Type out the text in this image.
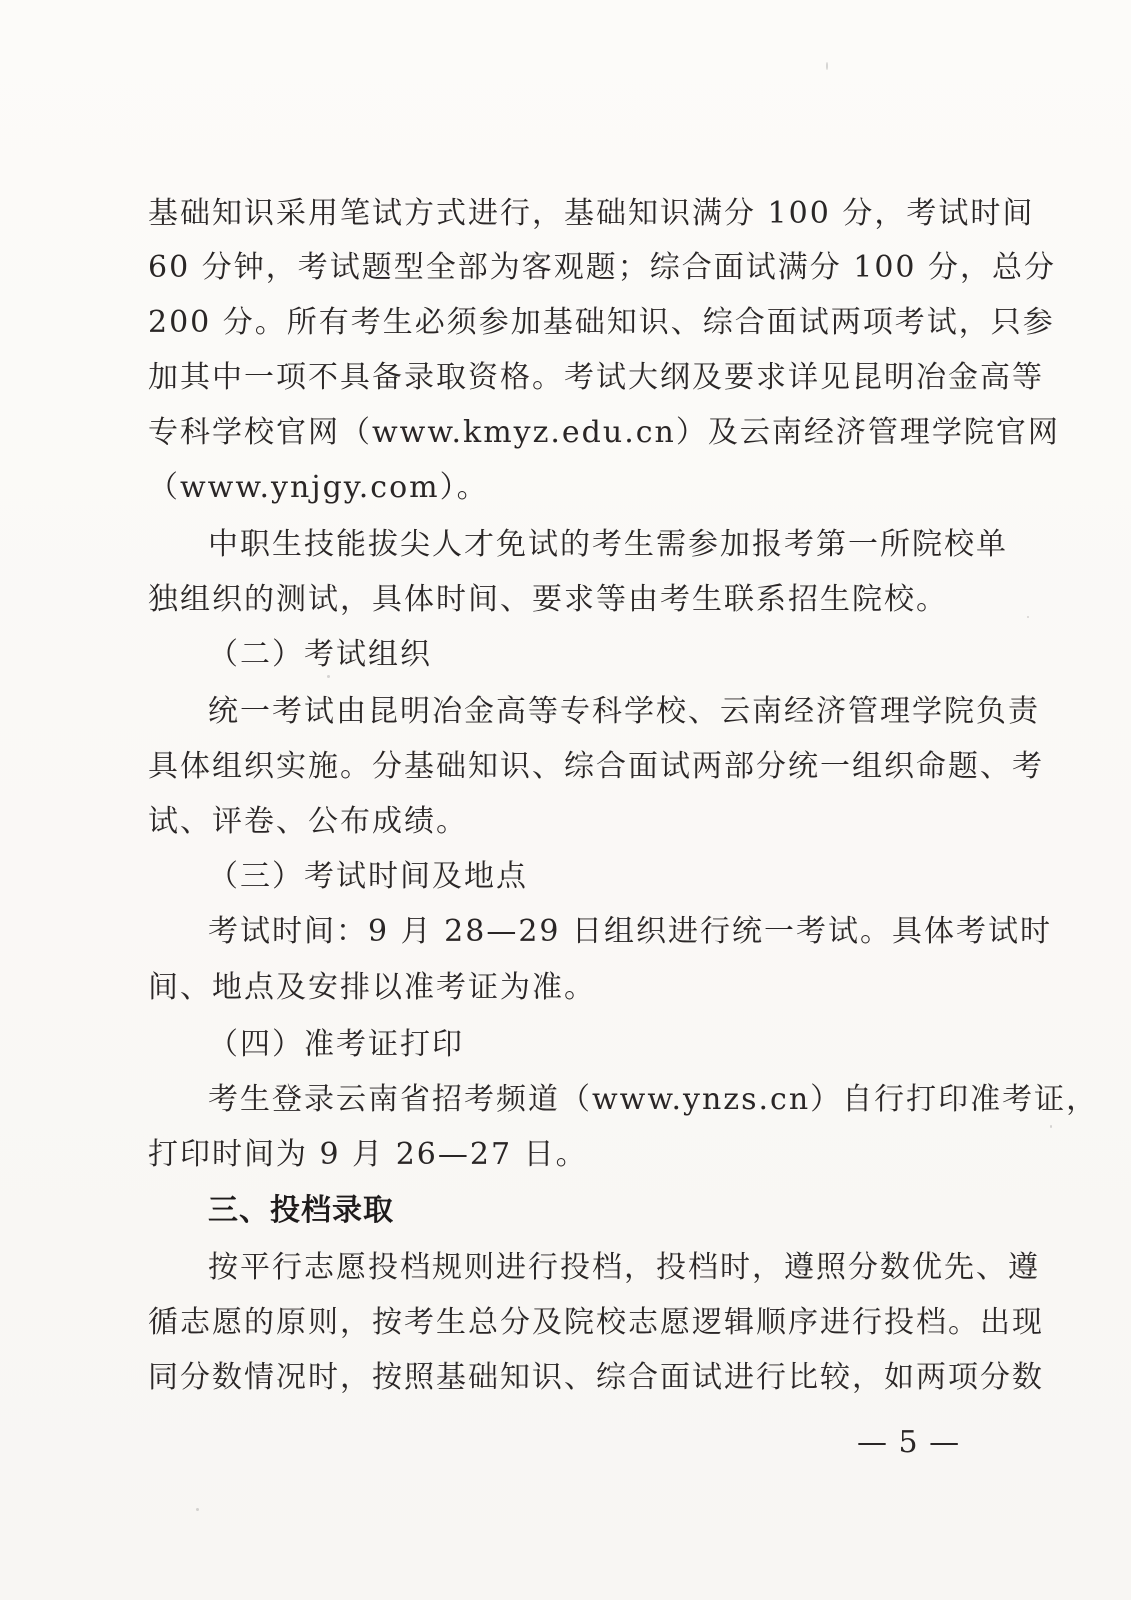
基础知识采用笔试方式进行，基础知识满分 100 分，考试时间
60 分钟，考试题型全部为客观题；综合面试满分 100 分，总分
200 分。所有考生必须参加基础知识、综合面试两项考试，只参
加其中一项不具备录取资格。考试大纲及要求详见昆明冶金高等
专科学校官网（www.kmyz.edu.cn）及云南经济管理学院官网
（www.ynjgy.com）。
中职生技能拔尖人才免试的考生需参加报考第一所院校单
独组织的测试，具体时间、要求等由考生联系招生院校。
（二）考试组织
统一考试由昆明冶金高等专科学校、云南经济管理学院负责
具体组织实施。分基础知识、综合面试两部分统一组织命题、考
试、评卷、公布成绩。
（三）考试时间及地点
考试时间：9 月 28—29 日组织进行统一考试。具体考试时
间、地点及安排以准考证为准。
（四）准考证打印
考生登录云南省招考频道（www.ynzs.cn）自行打印准考证，
打印时间为 9 月 26—27 日。
三、投档录取
按平行志愿投档规则进行投档，投档时，遵照分数优先、遵
循志愿的原则，按考生总分及院校志愿逻辑顺序进行投档。出现
同分数情况时，按照基础知识、综合面试进行比较，如两项分数
— 5 —
